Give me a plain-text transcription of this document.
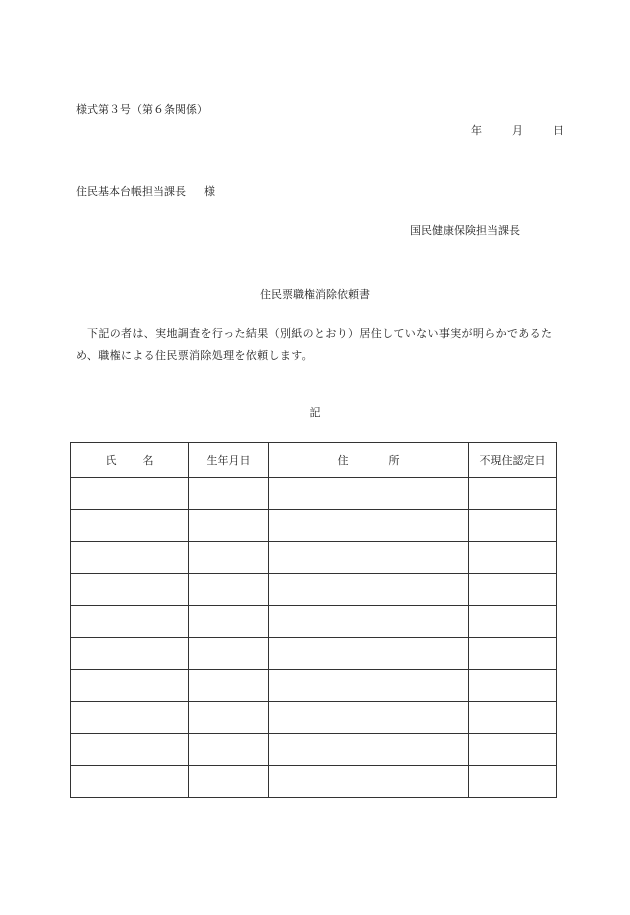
様式第３号（第６条関係）
年	月	日
住民基本台帳担当課長 様
国民健康保険担当課長
住民票職権消除依頼書
下記の者は、実地調査を行った結果（別紙のとおり）居住していない事実が明らかであるため、職権による住民票消除処理を依頼します。
記
氏名	生年月日	住所	不現住認定日
